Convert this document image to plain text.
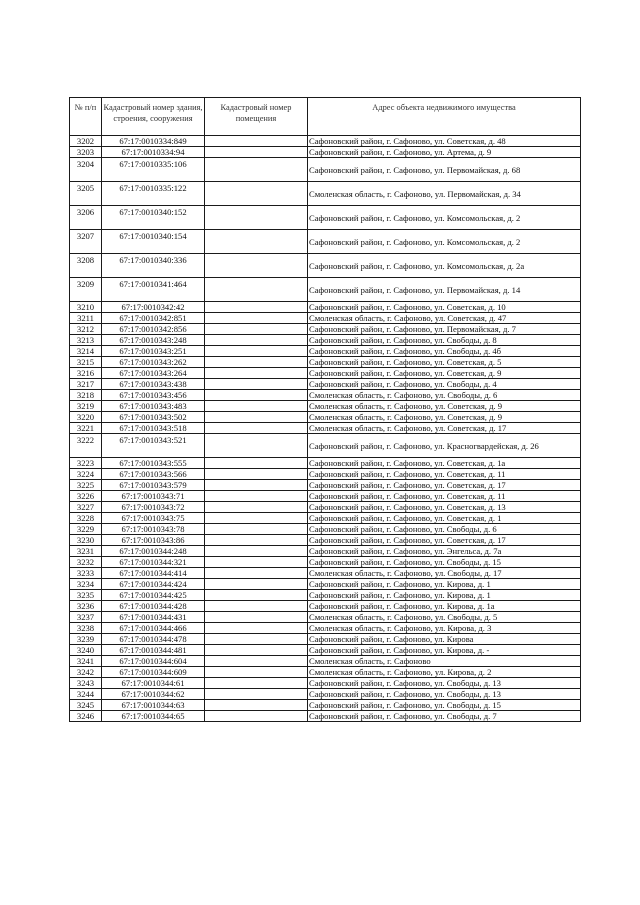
№ п/п	Кадастровый номер здания, строения, сооружения	Кадастровый номер помещения	Адрес объекта недвижимого имущества
3202	67:17:0010334:849		Сафоновский район, г. Сафоново, ул. Советская, д. 48
3203	67:17:0010334:94		Сафоновский район, г. Сафоново, ул. Артема, д. 9
3204	67:17:0010335:106		Сафоновский район, г. Сафоново, ул. Первомайская, д. 68
3205	67:17:0010335:122		Смоленская область, г. Сафоново, ул. Первомайская, д. 34
3206	67:17:0010340:152		Сафоновский район, г. Сафоново, ул. Комсомольская, д. 2
3207	67:17:0010340:154		Сафоновский район, г. Сафоново, ул. Комсомольская, д. 2
3208	67:17:0010340:336		Сафоновский район, г. Сафоново, ул. Комсомольская, д. 2а
3209	67:17:0010341:464		Сафоновский район, г. Сафоново, ул. Первомайская, д. 14
3210	67:17:0010342:42		Сафоновский район, г. Сафоново, ул. Советская, д. 10
3211	67:17:0010342:851		Смоленская область, г. Сафоново, ул. Советская, д. 47
3212	67:17:0010342:856		Сафоновский район, г. Сафоново, ул. Первомайская, д. 7
3213	67:17:0010343:248		Сафоновский район, г. Сафоново, ул. Свободы, д. 8
3214	67:17:0010343:251		Сафоновский район, г. Сафоново, ул. Свободы, д. 4б
3215	67:17:0010343:262		Сафоновский район, г. Сафоново, ул. Советская, д. 5
3216	67:17:0010343:264		Сафоновский район, г. Сафоново, ул. Советская, д. 9
3217	67:17:0010343:438		Сафоновский район, г. Сафоново, ул. Свободы, д. 4
3218	67:17:0010343:456		Смоленская область, г. Сафоново, ул. Свободы, д. 6
3219	67:17:0010343:483		Смоленская область, г. Сафоново, ул. Советская, д. 9
3220	67:17:0010343:502		Смоленская область, г. Сафоново, ул. Советская, д. 9
3221	67:17:0010343:518		Смоленская область, г. Сафоново, ул. Советская, д. 17
3222	67:17:0010343:521		Сафоновский район, г. Сафоново, ул. Красногвардейская, д. 26
3223	67:17:0010343:555		Сафоновский район, г. Сафоново, ул. Советская, д. 1а
3224	67:17:0010343:566		Сафоновский район, г. Сафоново, ул. Советская, д. 11
3225	67:17:0010343:579		Сафоновский район, г. Сафоново, ул. Советская, д. 17
3226	67:17:0010343:71		Сафоновский район, г. Сафоново, ул. Советская, д. 11
3227	67:17:0010343:72		Сафоновский район, г. Сафоново, ул. Советская, д. 13
3228	67:17:0010343:75		Сафоновский район, г. Сафоново, ул. Советская, д. 1
3229	67:17:0010343:78		Сафоновский район, г. Сафоново, ул. Свободы, д. 6
3230	67:17:0010343:86		Сафоновский район, г. Сафоново, ул. Советская, д. 17
3231	67:17:0010344:248		Сафоновский район, г. Сафоново, ул. Энгельса, д. 7а
3232	67:17:0010344:321		Сафоновский район, г. Сафоново, ул. Свободы, д. 15
3233	67:17:0010344:414		Смоленская область, г. Сафоново, ул. Свободы, д. 17
3234	67:17:0010344:424		Сафоновский район, г. Сафоново, ул. Кирова, д. 1
3235	67:17:0010344:425		Сафоновский район, г. Сафоново, ул. Кирова, д. 1
3236	67:17:0010344:428		Сафоновский район, г. Сафоново, ул. Кирова, д. 1а
3237	67:17:0010344:431		Смоленская область, г. Сафоново, ул. Свободы, д. 5
3238	67:17:0010344:466		Смоленская область, г. Сафоново, ул. Кирова, д. 3
3239	67:17:0010344:478		Сафоновский район, г. Сафоново, ул. Кирова
3240	67:17:0010344:481		Сафоновский район, г. Сафоново, ул. Кирова, д. -
3241	67:17:0010344:604		Смоленская область, г. Сафоново
3242	67:17:0010344:609		Смоленская область, г. Сафоново, ул. Кирова, д. 2
3243	67:17:0010344:61		Сафоновский район, г. Сафоново, ул. Свободы, д. 13
3244	67:17:0010344:62		Сафоновский район, г. Сафоново, ул. Свободы, д. 13
3245	67:17:0010344:63		Сафоновский район, г. Сафоново, ул. Свободы, д. 15
3246	67:17:0010344:65		Сафоновский район, г. Сафоново, ул. Свободы, д. 7
